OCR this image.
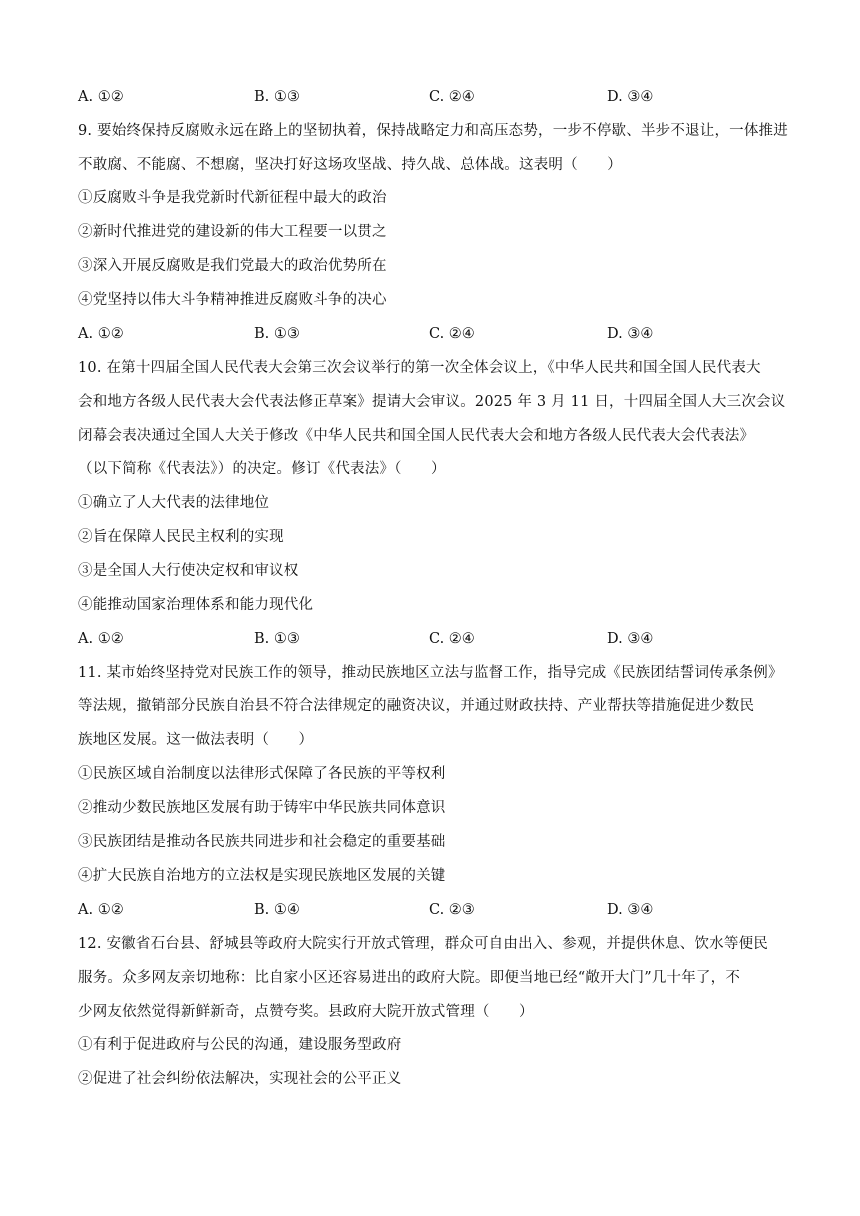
A. ①②	B. ①③	C. ②④	D. ③④
9. 要始终保持反腐败永远在路上的坚韧执着，保持战略定力和高压态势，一步不停歇、半步不退让，一体推进
不敢腐、不能腐、不想腐，坚决打好这场攻坚战、持久战、总体战。这表明（　　）
①反腐败斗争是我党新时代新征程中最大的政治
②新时代推进党的建设新的伟大工程要一以贯之
③深入开展反腐败是我们党最大的政治优势所在
④党坚持以伟大斗争精神推进反腐败斗争的决心
A. ①②	B. ①③	C. ②④	D. ③④
10. 在第十四届全国人民代表大会第三次会议举行的第一次全体会议上，《中华人民共和国全国人民代表大
会和地方各级人民代表大会代表法修正草案》提请大会审议。2025 年 3 月 11 日，十四届全国人大三次会议
闭幕会表决通过全国人大关于修改《中华人民共和国全国人民代表大会和地方各级人民代表大会代表法》
（以下简称《代表法》）的决定。修订《代表法》（　　）
①确立了人大代表的法律地位
②旨在保障人民民主权利的实现
③是全国人大行使决定权和审议权
④能推动国家治理体系和能力现代化
A. ①②	B. ①③	C. ②④	D. ③④
11. 某市始终坚持党对民族工作的领导，推动民族地区立法与监督工作，指导完成《民族团结誓词传承条例》
等法规，撤销部分民族自治县不符合法律规定的融资决议，并通过财政扶持、产业帮扶等措施促进少数民
族地区发展。这一做法表明（　　）
①民族区域自治制度以法律形式保障了各民族的平等权利
②推动少数民族地区发展有助于铸牢中华民族共同体意识
③民族团结是推动各民族共同进步和社会稳定的重要基础
④扩大民族自治地方的立法权是实现民族地区发展的关键
A. ①②	B. ①④	C. ②③	D. ③④
12. 安徽省石台县、舒城县等政府大院实行开放式管理，群众可自由出入、参观，并提供休息、饮水等便民
服务。众多网友亲切地称：比自家小区还容易进出的政府大院。即便当地已经“敞开大门”几十年了，不
少网友依然觉得新鲜新奇，点赞夸奖。县政府大院开放式管理（　　）
①有利于促进政府与公民的沟通，建设服务型政府
②促进了社会纠纷依法解决，实现社会的公平正义
